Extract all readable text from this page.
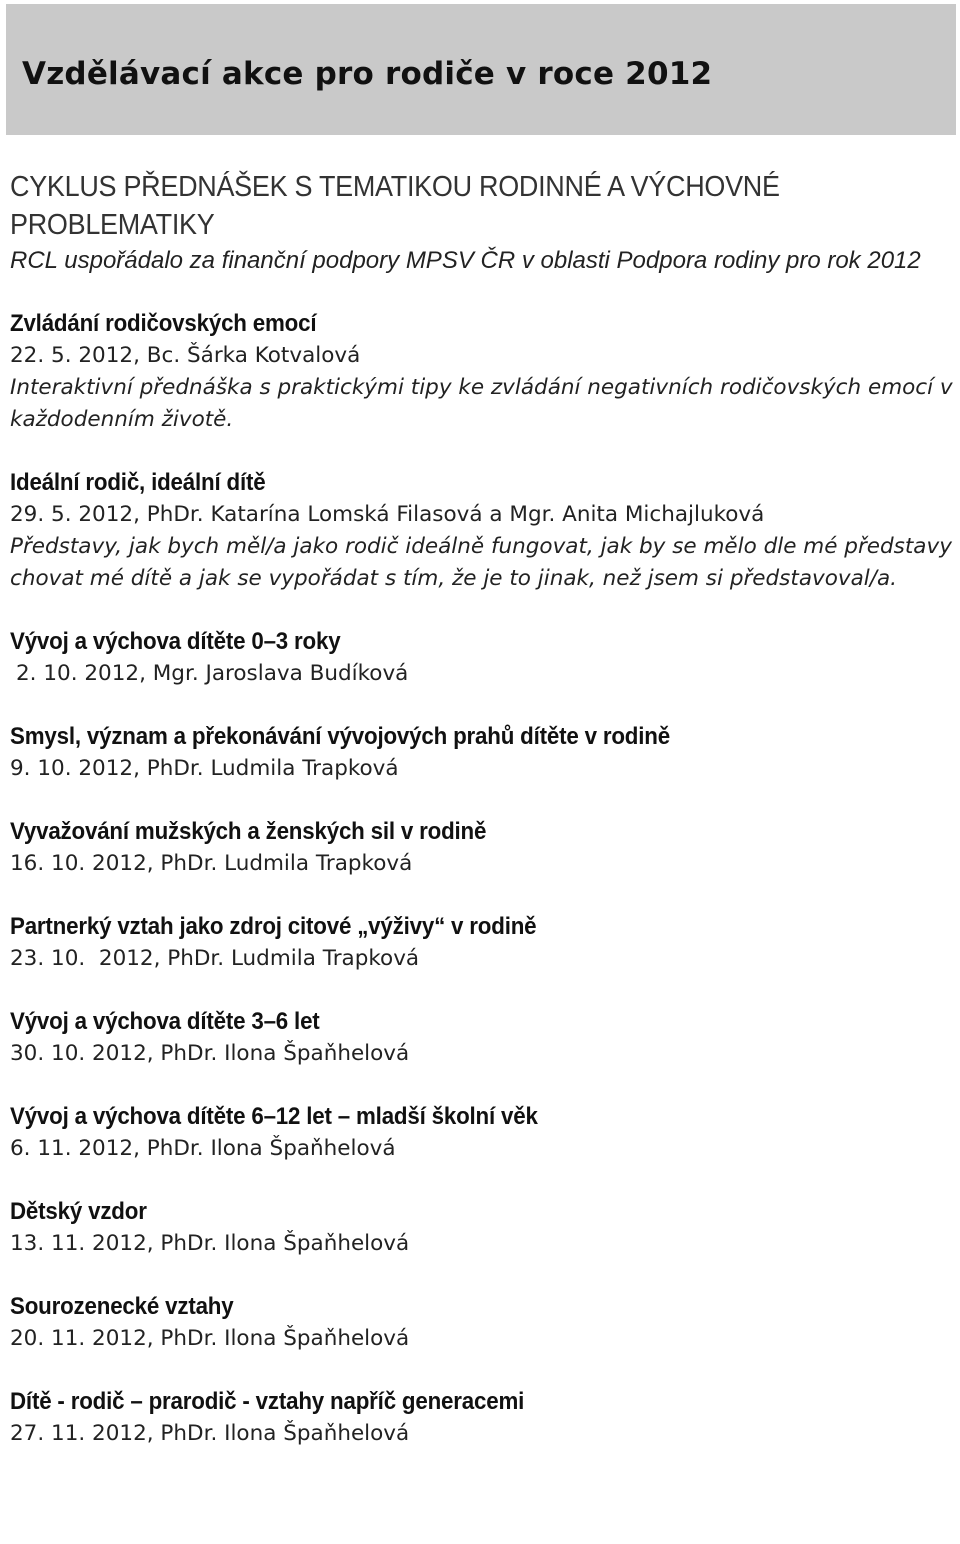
Vzdělávací akce pro rodiče v roce 2012
CYKLUS PŘEDNÁŠEK S TEMATIKOU RODINNÉ A VÝCHOVNÉ PROBLEMATIKY
RCL uspořádalo za finanční podpory MPSV ČR v oblasti Podpora rodiny pro rok 2012
Zvládání rodičovských emocí
22. 5. 2012, Bc. Šárka Kotvalová
Interaktivní přednáška s praktickými tipy ke zvládání negativních rodičovských emocí v každodenním životě.
Ideální rodič, ideální dítě
29. 5. 2012, PhDr. Katarína Lomská Filasová a Mgr. Anita Michajluková
Představy, jak bych měl/a jako rodič ideálně fungovat, jak by se mělo dle mé představy chovat mé dítě a jak se vypořádat s tím, že je to jinak, než jsem si představoval/a.
Vývoj a výchova dítěte 0–3 roky
2. 10. 2012, Mgr. Jaroslava Budíková
Smysl, význam a překonávání vývojových prahů dítěte v rodině
9. 10. 2012, PhDr. Ludmila Trapková
Vyvažování mužských a ženských sil v rodině
16. 10. 2012, PhDr. Ludmila Trapková
Partnerký vztah jako zdroj citové „výživy“ v rodině
23. 10.  2012, PhDr. Ludmila Trapková
Vývoj a výchova dítěte 3–6 let
30. 10. 2012, PhDr. Ilona Špaňhelová
Vývoj a výchova dítěte 6–12 let – mladší školní věk
6. 11. 2012, PhDr. Ilona Špaňhelová
Dětský vzdor
13. 11. 2012, PhDr. Ilona Špaňhelová
Sourozenecké vztahy
20. 11. 2012, PhDr. Ilona Špaňhelová
Dítě - rodič – prarodič - vztahy napříč generacemi
27. 11. 2012, PhDr. Ilona Špaňhelová
